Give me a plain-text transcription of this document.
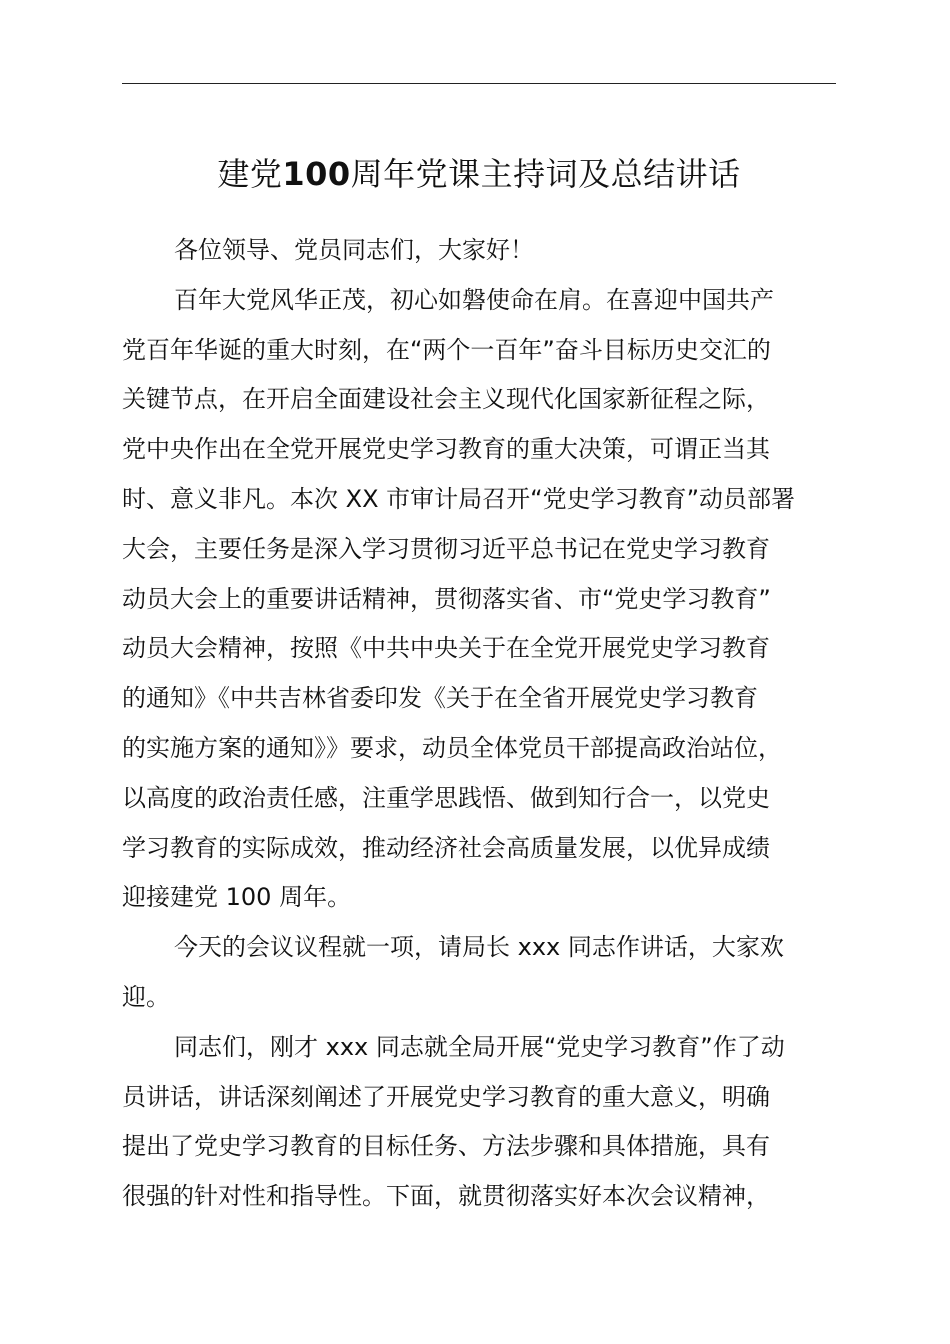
建党100周年党课主持词及总结讲话
各位领导、党员同志们，大家好！
百年大党风华正茂，初心如磐使命在肩。在喜迎中国共产
党百年华诞的重大时刻，在“两个一百年”奋斗目标历史交汇的
关键节点，在开启全面建设社会主义现代化国家新征程之际，
党中央作出在全党开展党史学习教育的重大决策，可谓正当其
时、意义非凡。本次 XX 市审计局召开“党史学习教育”动员部署
大会，主要任务是深入学习贯彻习近平总书记在党史学习教育
动员大会上的重要讲话精神，贯彻落实省、市“党史学习教育”
动员大会精神，按照《中共中央关于在全党开展党史学习教育
的通知》《中共吉林省委印发《关于在全省开展党史学习教育
的实施方案的通知》》要求，动员全体党员干部提高政治站位，
以高度的政治责任感，注重学思践悟、做到知行合一，以党史
学习教育的实际成效，推动经济社会高质量发展，以优异成绩
迎接建党 100 周年。
今天的会议议程就一项，请局长 xxx 同志作讲话，大家欢
迎。
同志们，刚才 xxx 同志就全局开展“党史学习教育”作了动
员讲话，讲话深刻阐述了开展党史学习教育的重大意义，明确
提出了党史学习教育的目标任务、方法步骤和具体措施，具有
很强的针对性和指导性。下面，就贯彻落实好本次会议精神，
